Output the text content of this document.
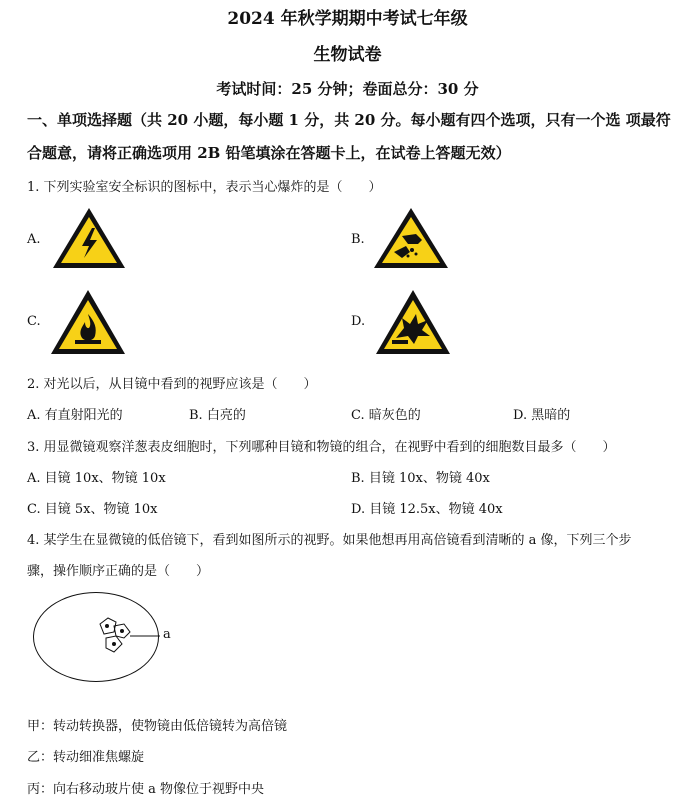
2024 年秋学期期中考试七年级
生物试卷
考试时间：25 分钟；卷面总分：30 分
一、单项选择题（共 20 小题，每小题 1 分，共 20 分。每小题有四个选项，只有一个选 项最符合题意，请将正确选项用 2B 铅笔填涂在答题卡上，在试卷上答题无效）
1. 下列实验室安全标识的图标中，表示当心爆炸的是（　　）
A.	B.
C.	D.
2. 对光以后，从目镜中看到的视野应该是（　　）
A. 有直射阳光的	B. 白亮的	C. 暗灰色的	D. 黑暗的
3. 用显微镜观察洋葱表皮细胞时，下列哪种目镜和物镜的组合，在视野中看到的细胞数目最多（　　）
A. 目镜 10x、物镜 10x	B. 目镜 10x、物镜 40x
C. 目镜 5x、物镜 10x	D. 目镜 12.5x、物镜 40x
4. 某学生在显微镜的低倍镜下，看到如图所示的视野。如果他想再用高倍镜看到清晰的 a 像，下列三个步
骤，操作顺序正确的是（　　）
a
甲：转动转换器，使物镜由低倍镜转为高倍镜
乙：转动细准焦螺旋
丙：向右移动玻片使 a 物像位于视野中央
